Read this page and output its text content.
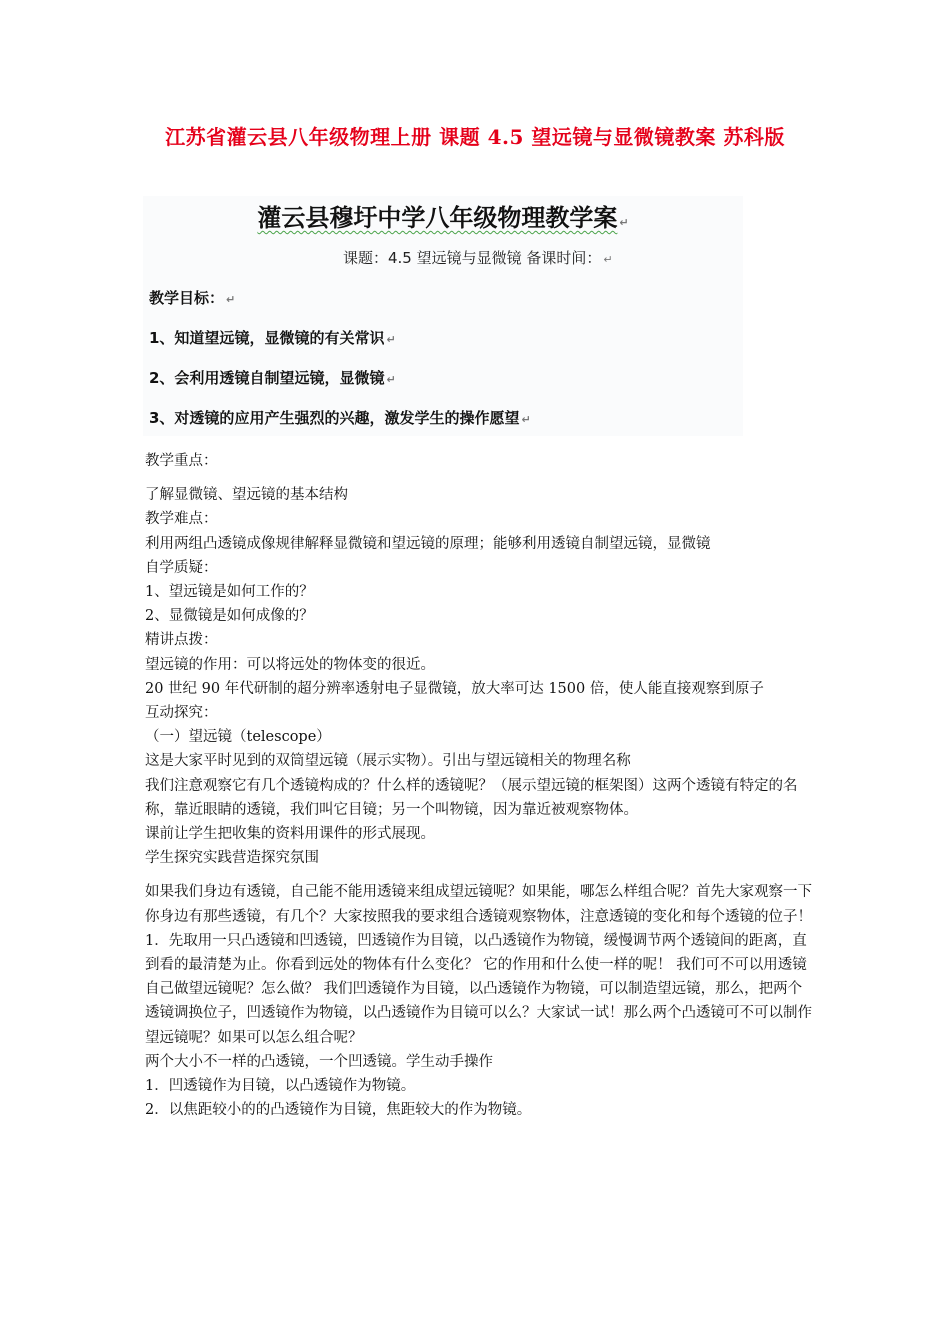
江苏省灌云县八年级物理上册 课题 4.5 望远镜与显微镜教案 苏科版
灌云县穆圩中学八年级物理教学案 ↵
课题：4.5 望远镜与显微镜 备课时间： ↵
教学目标： ↵
1、知道望远镜，显微镜的有关常识 ↵
2、会利用透镜自制望远镜，显微镜 ↵
3、对透镜的应用产生强烈的兴趣，激发学生的操作愿望 ↵

教学重点：

了解显微镜、望远镜的基本结构

教学难点：

利用两组凸透镜成像规律解释显微镜和望远镜的原理；能够利用透镜自制望远镜，显微镜

自学质疑：

1、望远镜是如何工作的？

2、显微镜是如何成像的？

精讲点拨：

望远镜的作用：可以将远处的物体变的很近。

20 世纪 90 年代研制的超分辨率透射电子显微镜，放大率可达 1500 倍，使人能直接观察到原子

互动探究：

（一）望远镜（telescope）

这是大家平时见到的双筒望远镜（展示实物）。引出与望远镜相关的物理名称

我们注意观察它有几个透镜构成的？什么样的透镜呢？（展示望远镜的框架图）这两个透镜有特定的名称，靠近眼睛的透镜，我们叫它目镜；另一个叫物镜，因为靠近被观察物体。

课前让学生把收集的资料用课件的形式展现。

学生探究实践营造探究氛围

如果我们身边有透镜，自己能不能用透镜来组成望远镜呢？如果能，哪怎么样组合呢？首先大家观察一下你身边有那些透镜，有几个？大家按照我的要求组合透镜观察物体，注意透镜的变化和每个透镜的位子！

1．先取用一只凸透镜和凹透镜，凹透镜作为目镜，以凸透镜作为物镜，缓慢调节两个透镜间的距离，直到看的最清楚为止。你看到远处的物体有什么变化？ 它的作用和什么使一样的呢！ 我们可不可以用透镜自己做望远镜呢？怎么做？ 我们凹透镜作为目镜，以凸透镜作为物镜，可以制造望远镜，那么，把两个透镜调换位子，凹透镜作为物镜，以凸透镜作为目镜可以么？大家试一试！那么两个凸透镜可不可以制作望远镜呢？如果可以怎么组合呢？

两个大小不一样的凸透镜，一个凹透镜。学生动手操作

1．凹透镜作为目镜，以凸透镜作为物镜。

2．以焦距较小的的凸透镜作为目镜，焦距较大的作为物镜。
